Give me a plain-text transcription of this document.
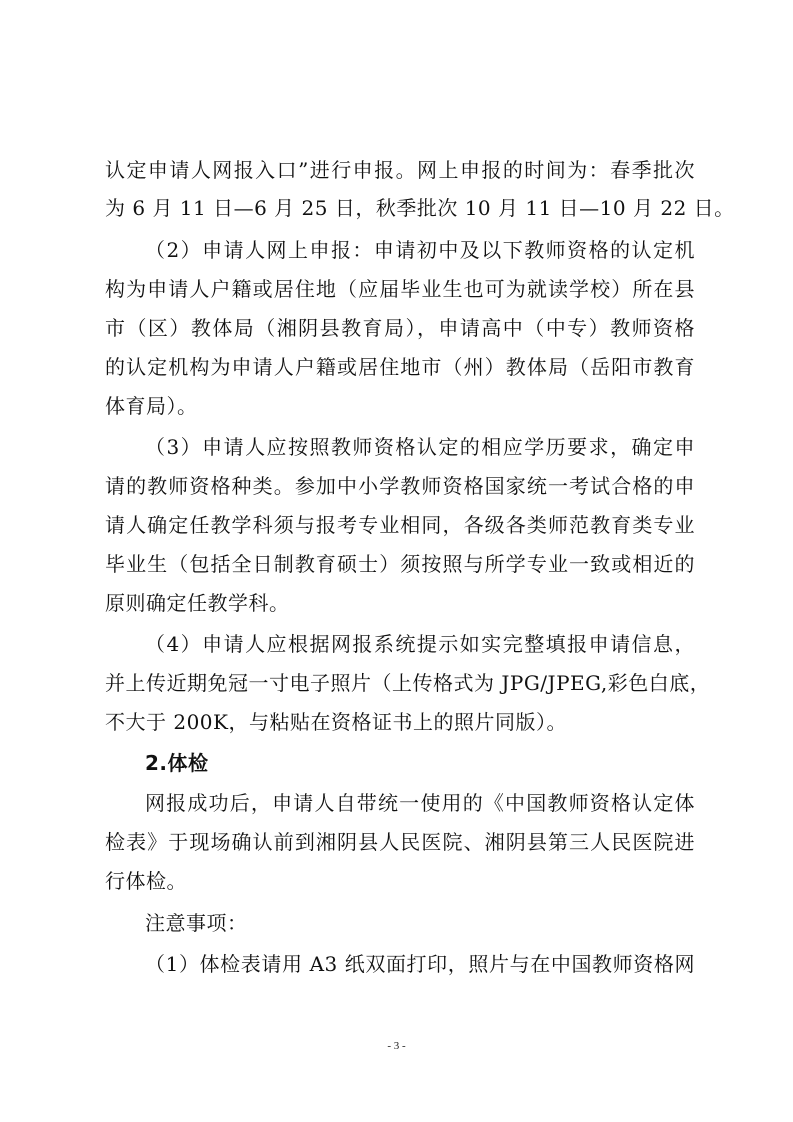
认定申请人网报入口”进行申报。网上申报的时间为：春季批次
为 6 月 11 日—6 月 25 日，秋季批次 10 月 11 日—10 月 22 日。
（2）申请人网上申报：申请初中及以下教师资格的认定机
构为申请人户籍或居住地（应届毕业生也可为就读学校）所在县
市（区）教体局（湘阴县教育局），申请高中（中专）教师资格
的认定机构为申请人户籍或居住地市（州）教体局（岳阳市教育
体育局）。
（3）申请人应按照教师资格认定的相应学历要求，确定申
请的教师资格种类。参加中小学教师资格国家统一考试合格的申
请人确定任教学科须与报考专业相同，各级各类师范教育类专业
毕业生（包括全日制教育硕士）须按照与所学专业一致或相近的
原则确定任教学科。
（4）申请人应根据网报系统提示如实完整填报申请信息，
并上传近期免冠一寸电子照片（上传格式为 JPG/JPEG,彩色白底，
不大于 200K，与粘贴在资格证书上的照片同版）。
2.体检
网报成功后，申请人自带统一使用的《中国教师资格认定体
检表》于现场确认前到湘阴县人民医院、湘阴县第三人民医院进
行体检。
注意事项：
（1）体检表请用 A3 纸双面打印，照片与在中国教师资格网
- 3 -
